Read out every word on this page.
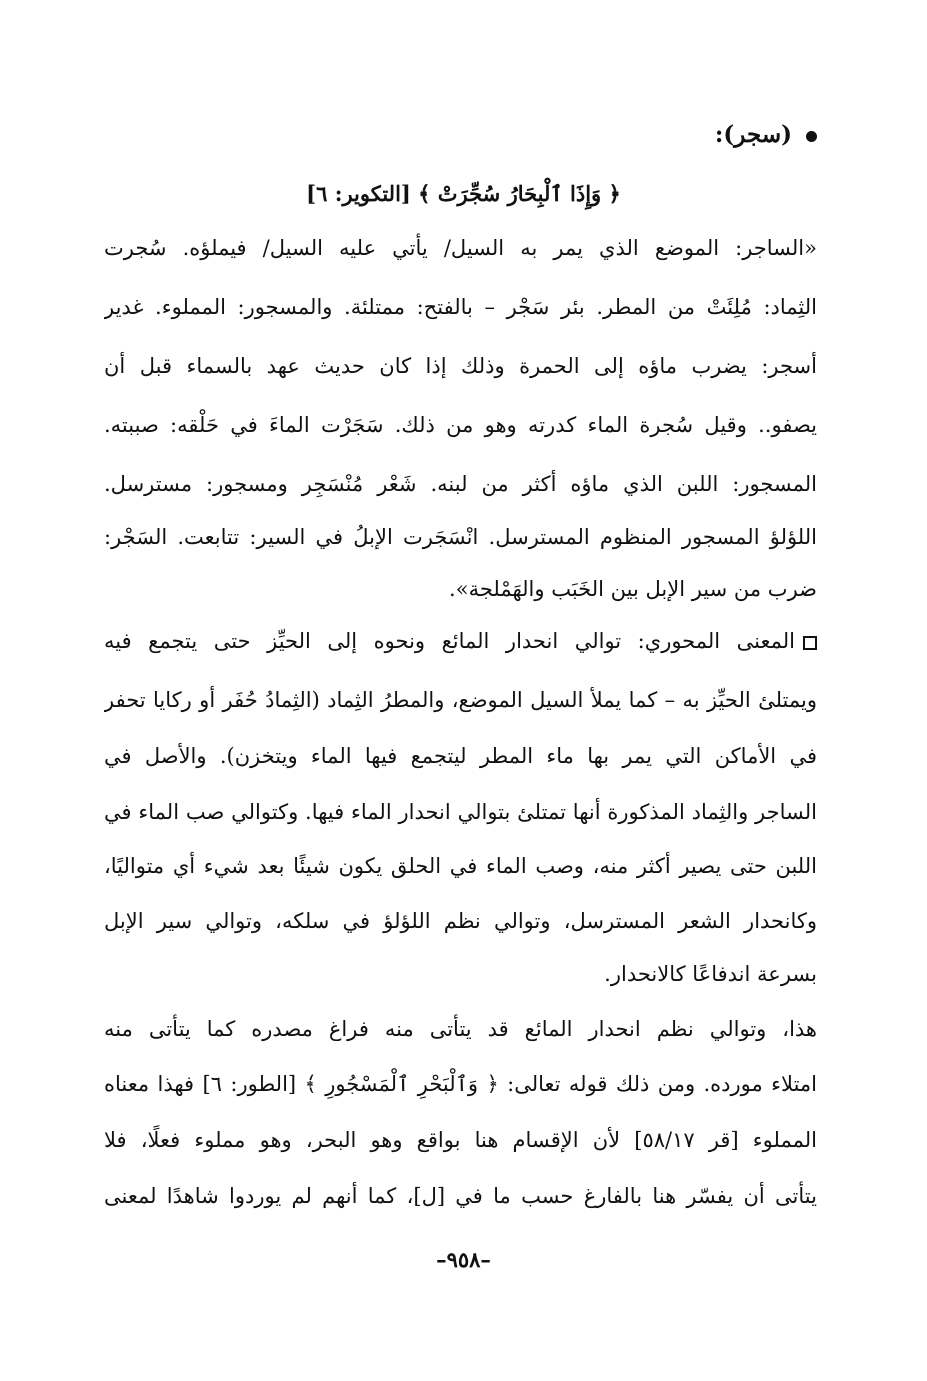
(سجر):
﴿ وَإِذَا ٱلْبِحَارُ سُجِّرَتْ ﴾ [التكوير: ٦]
«الساجر: الموضع الذي يمر به السيل/ يأتي عليه السيل/ فيملؤه. سُجرت
الثِماد: مُلِئَتْ من المطر. بئر سَجْر – بالفتح: ممتلئة. والمسجور: المملوء. غدير
أسجر: يضرب ماؤه إلى الحمرة وذلك إذا كان حديث عهد بالسماء قبل أن
يصفو.. وقيل سُجرة الماء كدرته وهو من ذلك. سَجَرْت الماءَ في حَلْقه: صببته.
المسجور: اللبن الذي ماؤه أكثر من لبنه. شَعْر مُنْسَجِر ومسجور: مسترسل.
اللؤلؤ المسجور المنظوم المسترسل. انْسَجَرت الإبلُ في السير: تتابعت. السَجْر:
ضرب من سير الإبل بين الخَبَب والهَمْلجة».
المعنى المحوري: توالي انحدار المائع ونحوه إلى الحيِّز حتى يتجمع فيه
ويمتلئ الحيِّز به – كما يملأ السيل الموضع، والمطرُ الثِماد (الثِمادُ حُفَر أو ركايا تحفر
في الأماكن التي يمر بها ماء المطر ليتجمع فيها الماء ويتخزن). والأصل في
الساجر والثِماد المذكورة أنها تمتلئ بتوالي انحدار الماء فيها. وكتوالي صب الماء في
اللبن حتى يصير أكثر منه، وصب الماء في الحلق يكون شيئًا بعد شيء أي متواليًا،
وكانحدار الشعر المسترسل، وتوالي نظم اللؤلؤ في سلكه، وتوالي سير الإبل
بسرعة اندفاعًا كالانحدار.
هذا، وتوالي نظم انحدار المائع قد يتأتى منه فراغ مصدره كما يتأتى منه
امتلاء مورده. ومن ذلك قوله تعالى: ﴿ وَٱلْبَحْرِ ٱلْمَسْجُورِ ﴾ [الطور: ٦] فهذا معناه
المملوء [قر ٥٨/١٧] لأن الإقسام هنا بواقع وهو البحر، وهو مملوء فعلًا، فلا
يتأتى أن يفسّر هنا بالفارغ حسب ما في [ل]، كما أنهم لم يوردوا شاهدًا لمعنى
–٩٥٨–
